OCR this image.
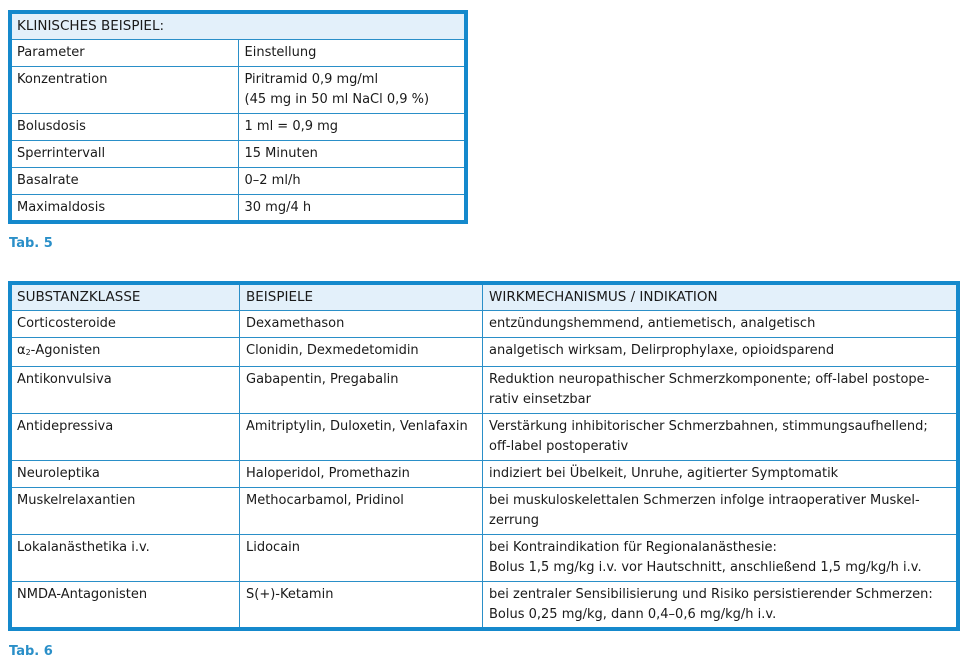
KLINISCHES BEISPIEL:	
Parameter	Einstellung
Konzentration	Piritramid 0,9 mg/ml
(45 mg in 50 ml NaCl 0,9 %)

Bolusdosis	1 ml = 0,9 mg
Sperrintervall	15 Minuten
Basalrate	0–2 ml/h
Maximaldosis	30 mg/4 h
Tab. 5
SUBSTANZKLASSE	BEISPIELE	WIRKMECHANISMUS / INDIKATION
Corticosteroide	Dexamethason	entzündungshemmend, antiemetisch, analgetisch
α2-Agonisten	Clonidin, Dexmedetomidin	analgetisch wirksam, Delirprophylaxe, opioidsparend
Antikonvulsiva	Gabapentin, Pregabalin	Reduktion neuropathischer Schmerzkomponente; off-label postope-
rativ einsetzbar

Antidepressiva	Amitriptylin, Duloxetin, Venlafaxin	Verstärkung inhibitorischer Schmerzbahnen, stimmungsaufhellend;
off-label postoperativ

Neuroleptika	Haloperidol, Promethazin	indiziert bei Übelkeit, Unruhe, agitierter Symptomatik
Muskelrelaxantien	Methocarbamol, Pridinol	bei muskuloskelettalen Schmerzen infolge intraoperativer Muskel-
zerrung

Lokalanästhetika i.v.	Lidocain	bei Kontraindikation für Regionalanästhesie:
Bolus 1,5 mg/kg i.v. vor Hautschnitt, anschließend 1,5 mg/kg/h i.v.

NMDA-Antagonisten	S(+)-Ketamin	bei zentraler Sensibilisierung und Risiko persistierender Schmerzen:
Bolus 0,25 mg/kg, dann 0,4–0,6 mg/kg/h i.v.
Tab. 6
